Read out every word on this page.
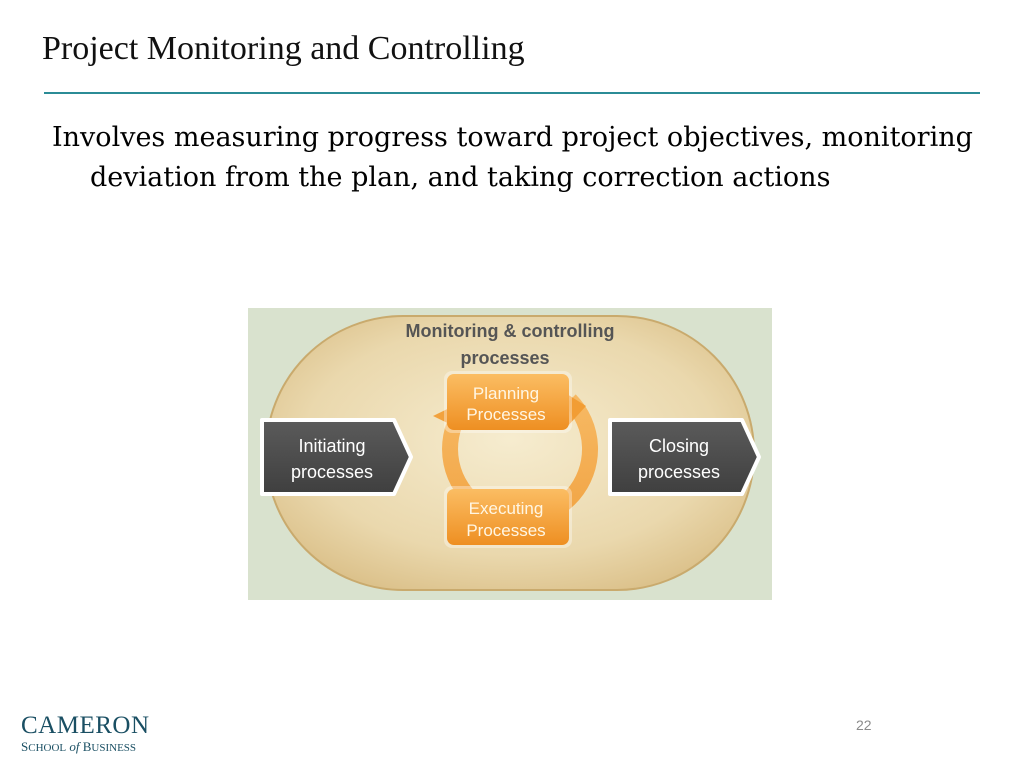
Project Monitoring and Controlling
Involves measuring progress toward project objectives, monitoring deviation from the plan, and taking correction actions
Monitoring & controlling
processes
Planning
Processes
Executing
Processes
Initiating
processes
Closing
processes
CAMERON
SCHOOL of BUSINESS
22
